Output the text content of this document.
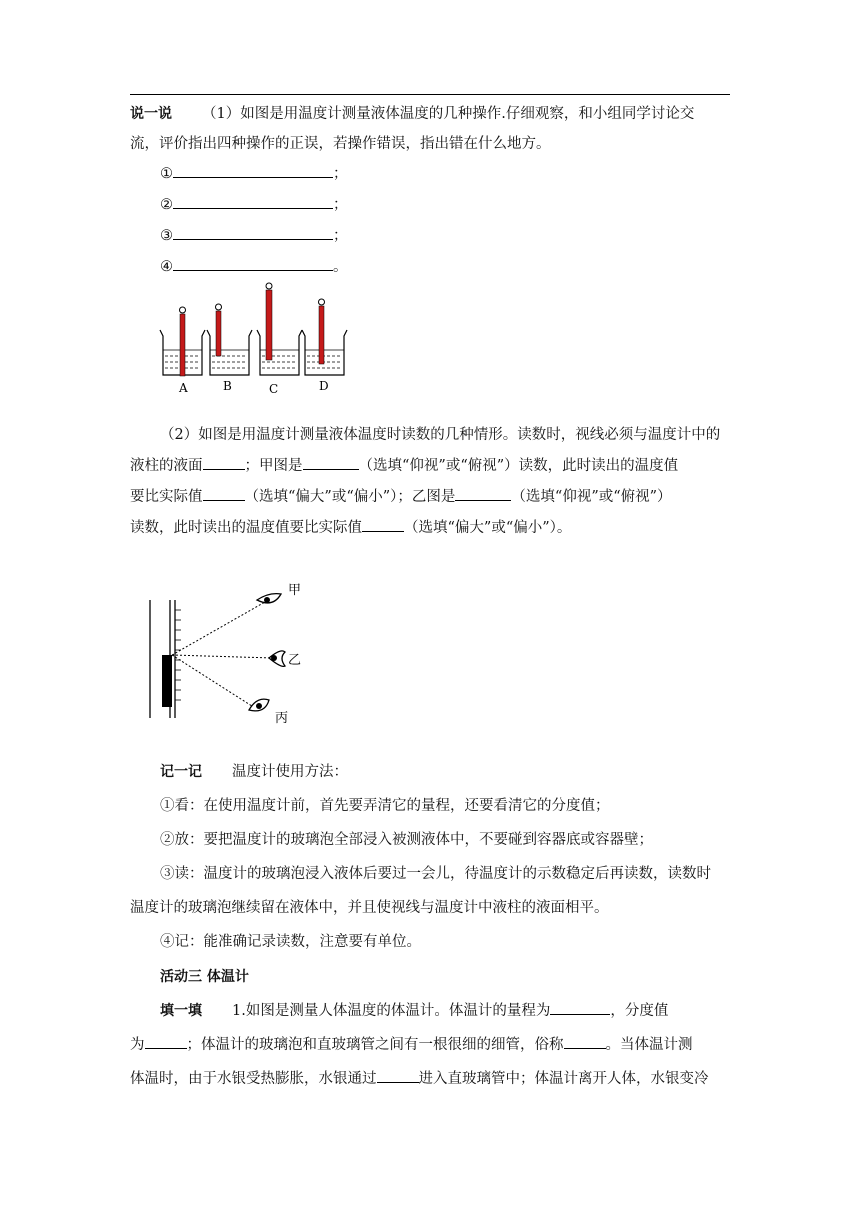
说一说 （1）如图是用温度计测量液体温度的几种操作.仔细观察，和小组同学讨论交
流，评价指出四种操作的正误，若操作错误，指出错在什么地方。
①	；
②	；
③	；
④	。
A	B	C	D
（2）如图是用温度计测量液体温度时读数的几种情形。读数时，视线必须与温度计中的
液柱的液面	；甲图是	（选填“仰视”或“俯视”）读数，此时读出的温度值
要比实际值	（选填“偏大”或“偏小”）；乙图是	（选填“仰视”或“俯视”）
读数，此时读出的温度值要比实际值	（选填“偏大”或“偏小”）。
甲
乙
丙
记一记 温度计使用方法：
①看：在使用温度计前，首先要弄清它的量程，还要看清它的分度值；
②放：要把温度计的玻璃泡全部浸入被测液体中，不要碰到容器底或容器壁；
③读：温度计的玻璃泡浸入液体后要过一会儿，待温度计的示数稳定后再读数，读数时
温度计的玻璃泡继续留在液体中，并且使视线与温度计中液柱的液面相平。
④记：能准确记录读数，注意要有单位。
活动三 体温计
填一填 1.如图是测量人体温度的体温计。体温计的量程为	，分度值
为	；体温计的玻璃泡和直玻璃管之间有一根很细的细管，俗称	。当体温计测
体温时，由于水银受热膨胀，水银通过	进入直玻璃管中；体温计离开人体，水银变冷
